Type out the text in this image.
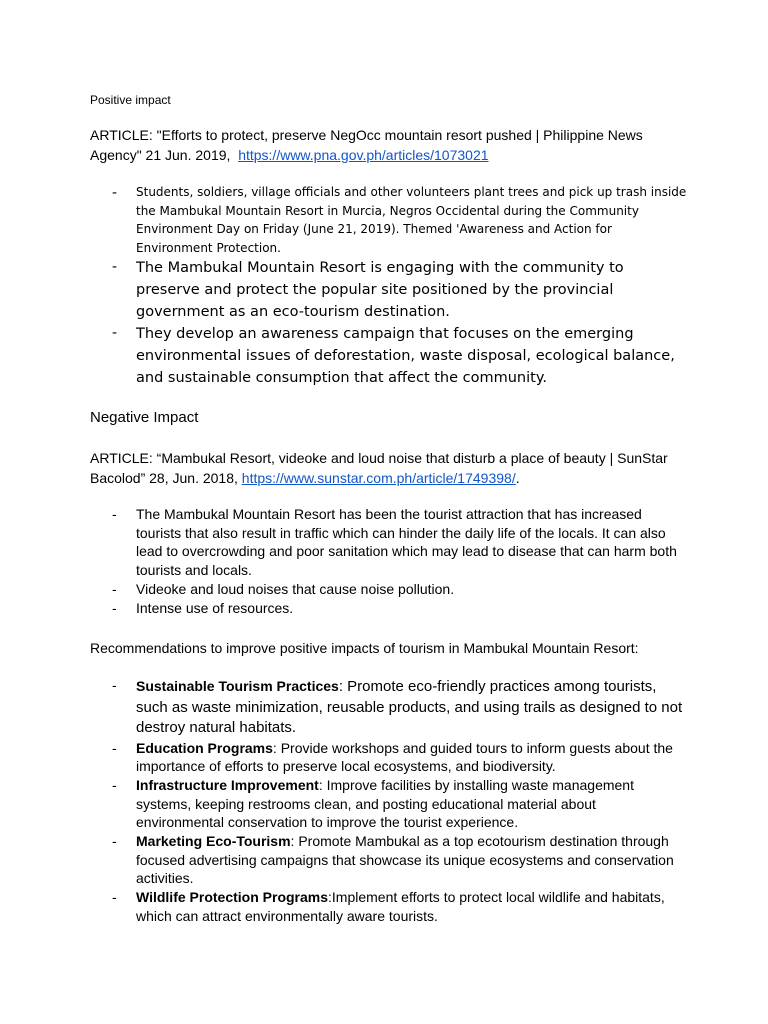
Positive impact

ARTICLE: "Efforts to protect, preserve NegOcc mountain resort pushed | Philippine News Agency" 21 Jun. 2019, https://www.pna.gov.ph/articles/1073021

- Students, soldiers, village officials and other volunteers plant trees and pick up trash inside the Mambukal Mountain Resort in Murcia, Negros Occidental during the Community Environment Day on Friday (June 21, 2019). Themed 'Awareness and Action for Environment Protection.
- The Mambukal Mountain Resort is engaging with the community to preserve and protect the popular site positioned by the provincial government as an eco-tourism destination.
- They develop an awareness campaign that focuses on the emerging environmental issues of deforestation, waste disposal, ecological balance, and sustainable consumption that affect the community.

Negative Impact

ARTICLE: “Mambukal Resort, videoke and loud noise that disturb a place of beauty | SunStar Bacolod” 28, Jun. 2018, https://www.sunstar.com.ph/article/1749398/.

- The Mambukal Mountain Resort has been the tourist attraction that has increased tourists that also result in traffic which can hinder the daily life of the locals. It can also lead to overcrowding and poor sanitation which may lead to disease that can harm both tourists and locals.
- Videoke and loud noises that cause noise pollution.
- Intense use of resources.

Recommendations to improve positive impacts of tourism in Mambukal Mountain Resort:

- Sustainable Tourism Practices: Promote eco-friendly practices among tourists, such as waste minimization, reusable products, and using trails as designed to not destroy natural habitats.
- Education Programs: Provide workshops and guided tours to inform guests about the importance of efforts to preserve local ecosystems, and biodiversity.
- Infrastructure Improvement: Improve facilities by installing waste management systems, keeping restrooms clean, and posting educational material about environmental conservation to improve the tourist experience.
- Marketing Eco-Tourism: Promote Mambukal as a top ecotourism destination through focused advertising campaigns that showcase its unique ecosystems and conservation activities.
- Wildlife Protection Programs:Implement efforts to protect local wildlife and habitats, which can attract environmentally aware tourists.
